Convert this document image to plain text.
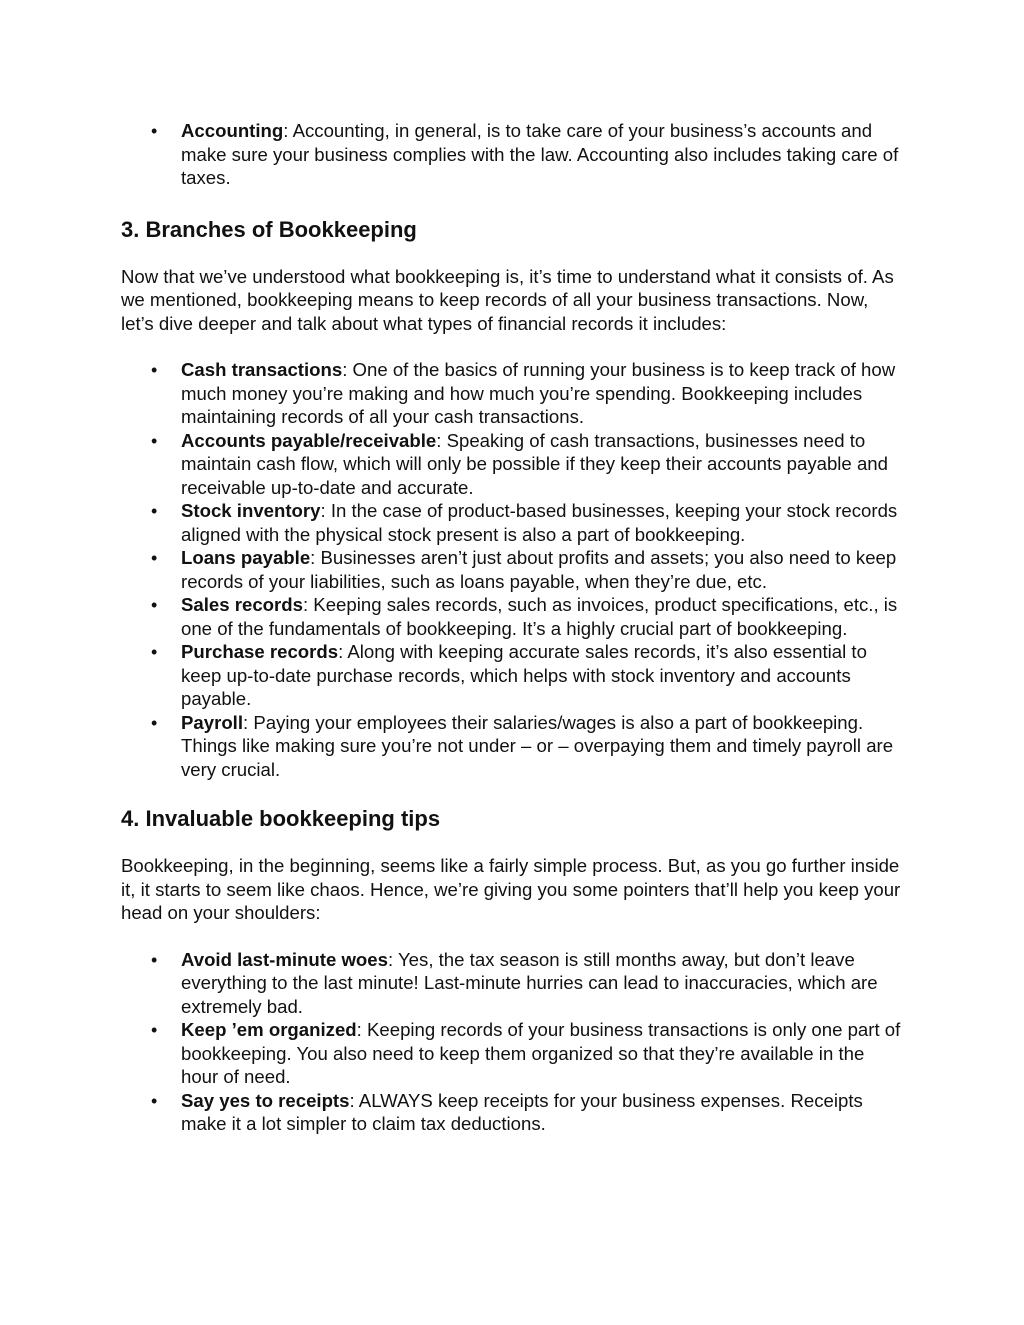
•
Accounting: Accounting, in general, is to take care of your business’s accounts and make sure your business complies with the law. Accounting also includes taking care of taxes.
3. Branches of Bookkeeping

Now that we’ve understood what bookkeeping is, it’s time to understand what it consists of. As we mentioned, bookkeeping means to keep records of all your business transactions. Now, let’s dive deeper and talk about what types of financial records it includes:

•
Cash transactions: One of the basics of running your business is to keep track of how much money you’re making and how much you’re spending. Bookkeeping includes maintaining records of all your cash transactions.
•
Accounts payable/receivable: Speaking of cash transactions, businesses need to maintain cash flow, which will only be possible if they keep their accounts payable and receivable up-to-date and accurate.
•
Stock inventory: In the case of product-based businesses, keeping your stock records aligned with the physical stock present is also a part of bookkeeping.
•
Loans payable: Businesses aren’t just about profits and assets; you also need to keep records of your liabilities, such as loans payable, when they’re due, etc.
•
Sales records: Keeping sales records, such as invoices, product specifications, etc., is one of the fundamentals of bookkeeping. It’s a highly crucial part of bookkeeping.
•
Purchase records: Along with keeping accurate sales records, it’s also essential to keep up-to-date purchase records, which helps with stock inventory and accounts payable.
•
Payroll: Paying your employees their salaries/wages is also a part of bookkeeping. Things like making sure you’re not under – or – overpaying them and timely payroll are very crucial.
4. Invaluable bookkeeping tips

Bookkeeping, in the beginning, seems like a fairly simple process. But, as you go further inside it, it starts to seem like chaos. Hence, we’re giving you some pointers that’ll help you keep your head on your shoulders:

•
Avoid last-minute woes: Yes, the tax season is still months away, but don’t leave everything to the last minute! Last-minute hurries can lead to inaccuracies, which are extremely bad.
•
Keep ’em organized: Keeping records of your business transactions is only one part of bookkeeping. You also need to keep them organized so that they’re available in the hour of need.
•
Say yes to receipts: ALWAYS keep receipts for your business expenses. Receipts make it a lot simpler to claim tax deductions.
